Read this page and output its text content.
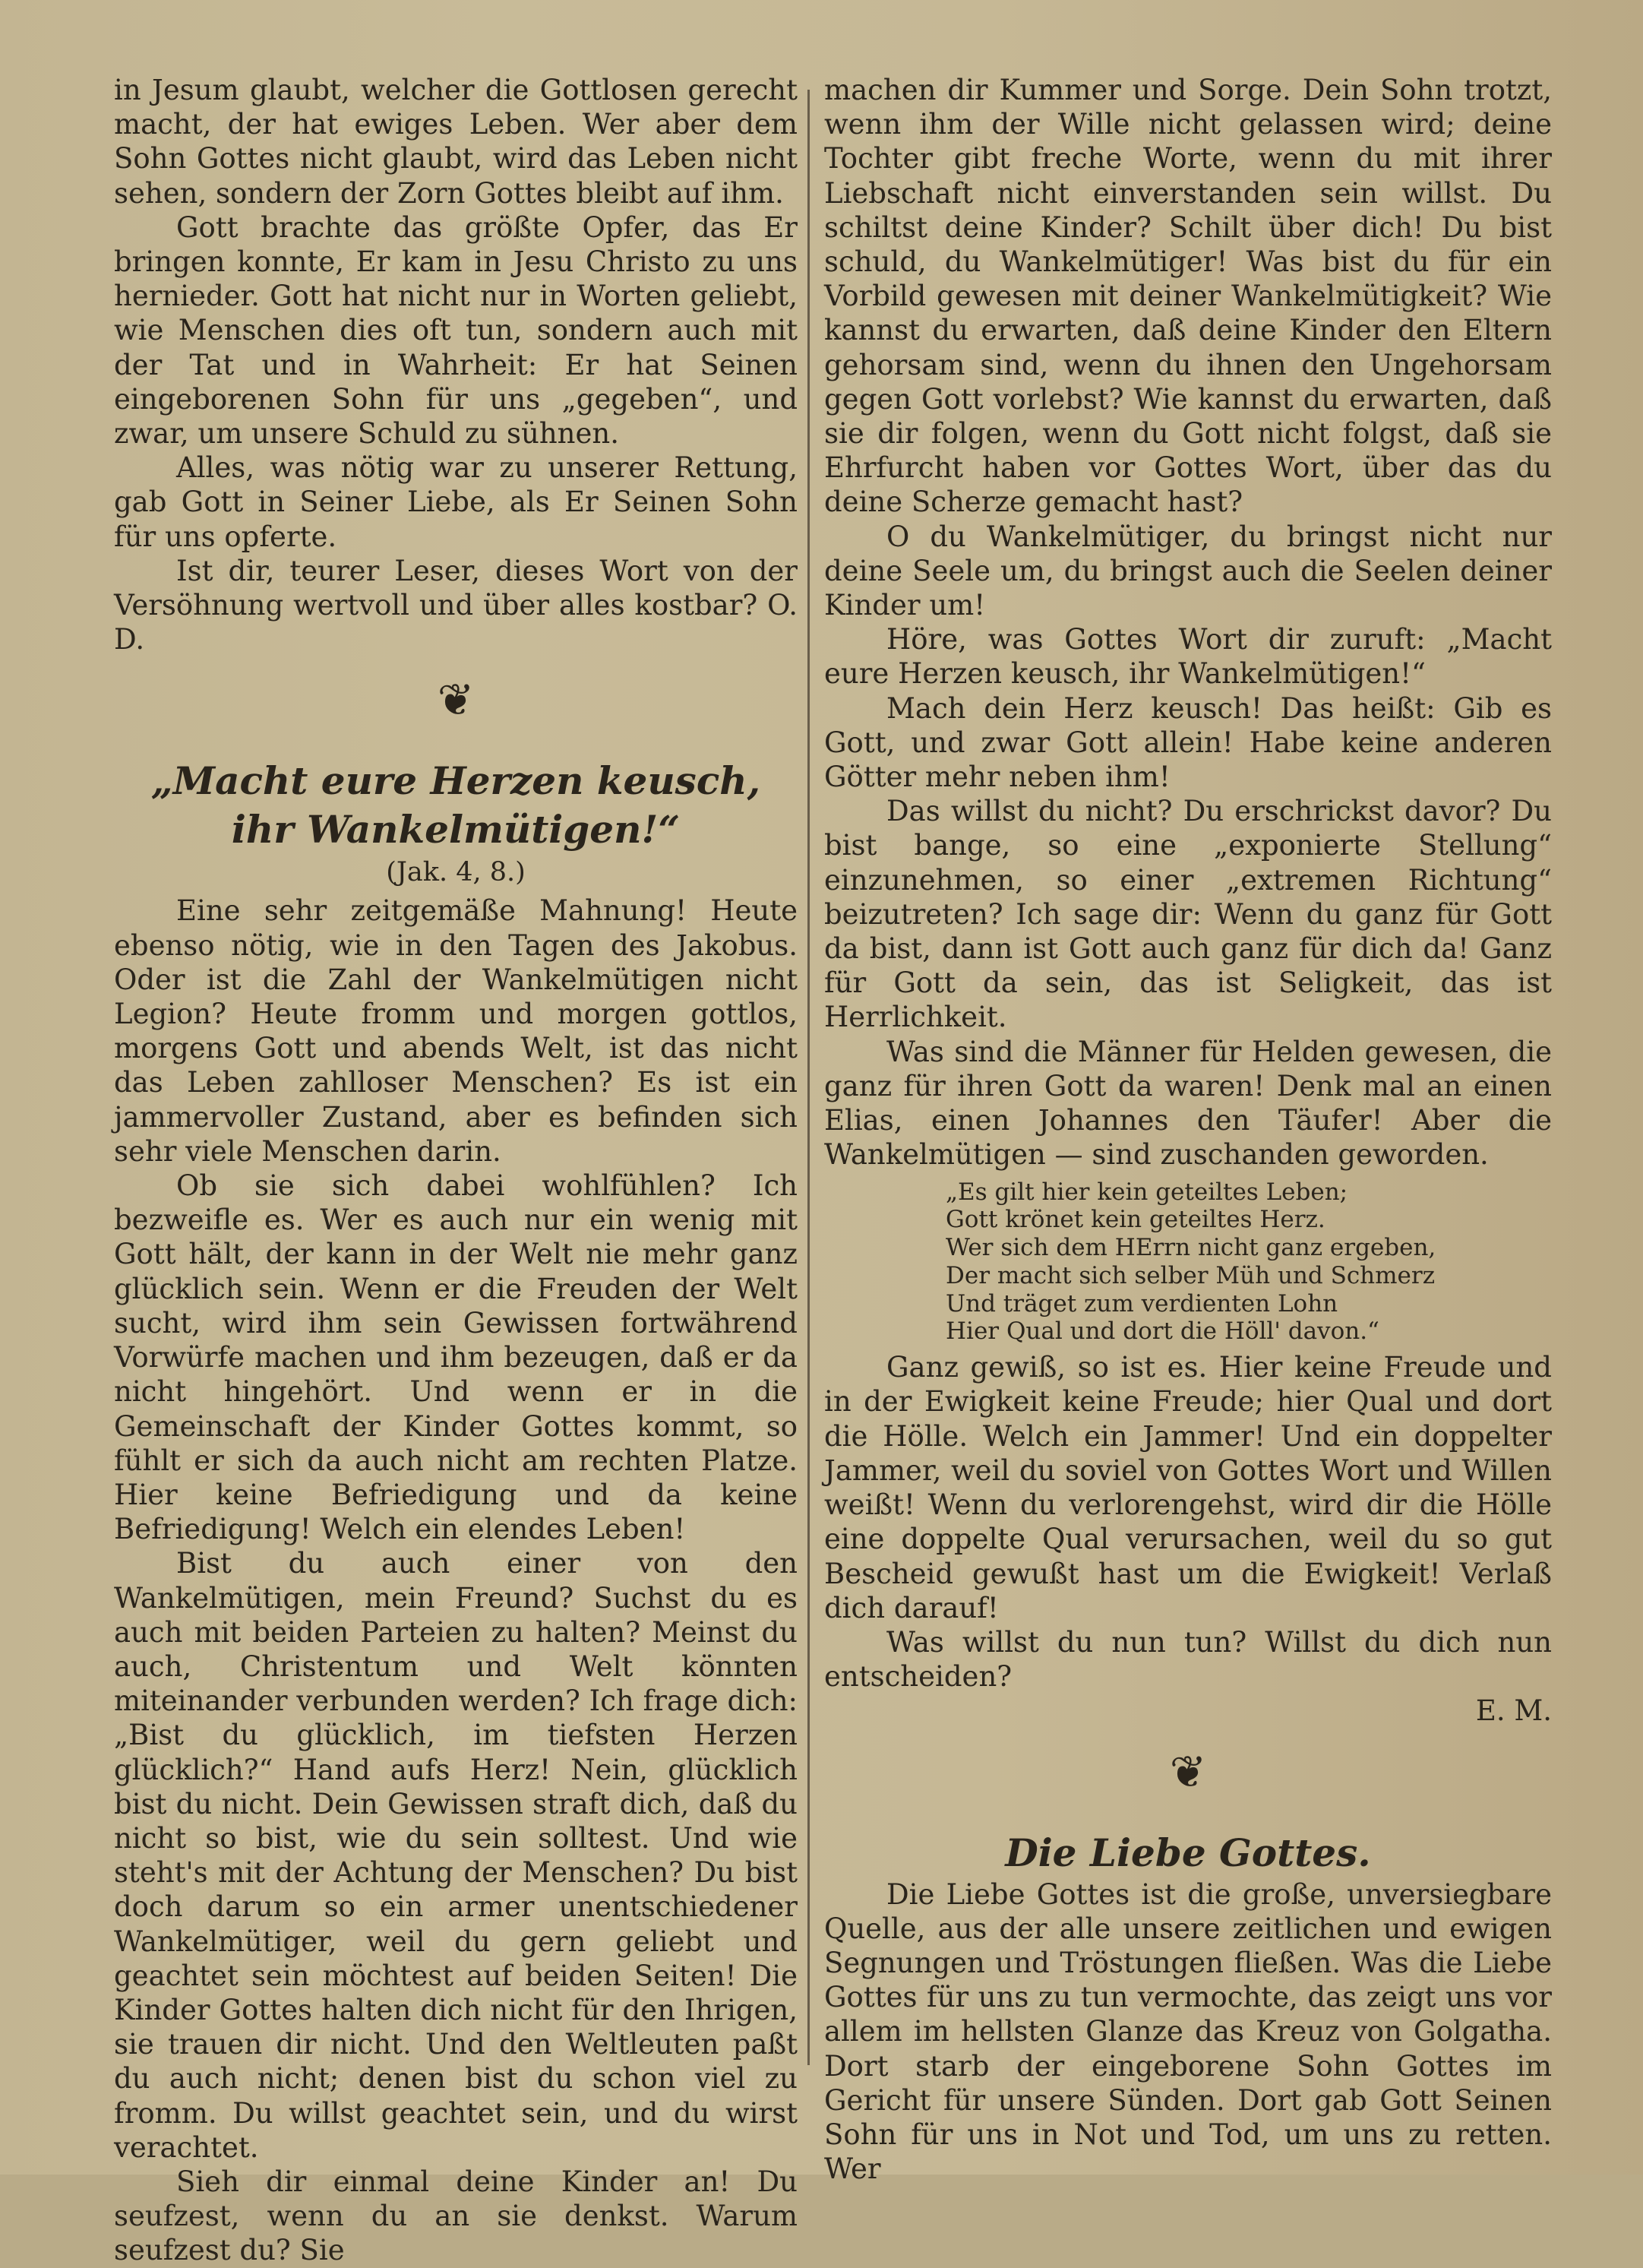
in Jesum glaubt, welcher die Gottlosen gerecht macht, der hat ewiges Leben. Wer aber dem Sohn Gottes nicht glaubt, wird das Leben nicht sehen, sondern der Zorn Gottes bleibt auf ihm.

Gott brachte das größte Opfer, das Er bringen konnte, Er kam in Jesu Christo zu uns hernieder. Gott hat nicht nur in Worten geliebt, wie Menschen dies oft tun, sondern auch mit der Tat und in Wahrheit: Er hat Seinen eingeborenen Sohn für uns „gegeben“, und zwar, um unsere Schuld zu sühnen.

Alles, was nötig war zu unserer Rettung, gab Gott in Seiner Liebe, als Er Seinen Sohn für uns opferte.

Ist dir, teurer Leser, dieses Wort von der Versöhnung wertvoll und über alles kostbar? O. D.

❦
„Macht eure Herzen keusch, ihr Wankelmütigen!“
(Jak. 4, 8.)

Eine sehr zeitgemäße Mahnung! Heute ebenso nötig, wie in den Tagen des Jakobus. Oder ist die Zahl der Wankelmütigen nicht Legion? Heute fromm und morgen gottlos, morgens Gott und abends Welt, ist das nicht das Leben zahlloser Menschen? Es ist ein jammervoller Zustand, aber es befinden sich sehr viele Menschen darin.

Ob sie sich dabei wohlfühlen? Ich bezweifle es. Wer es auch nur ein wenig mit Gott hält, der kann in der Welt nie mehr ganz glücklich sein. Wenn er die Freuden der Welt sucht, wird ihm sein Gewissen fortwährend Vorwürfe machen und ihm bezeugen, daß er da nicht hingehört. Und wenn er in die Gemeinschaft der Kinder Gottes kommt, so fühlt er sich da auch nicht am rechten Platze. Hier keine Befriedigung und da keine Befriedigung! Welch ein elendes Leben!

Bist du auch einer von den Wankelmütigen, mein Freund? Suchst du es auch mit beiden Parteien zu halten? Meinst du auch, Christentum und Welt könnten miteinander verbunden werden? Ich frage dich: „Bist du glücklich, im tiefsten Herzen glücklich?“ Hand aufs Herz! Nein, glücklich bist du nicht. Dein Gewissen straft dich, daß du nicht so bist, wie du sein solltest. Und wie steht's mit der Achtung der Menschen? Du bist doch darum so ein armer unentschiedener Wankelmütiger, weil du gern geliebt und geachtet sein möchtest auf beiden Seiten! Die Kinder Gottes halten dich nicht für den Ihrigen, sie trauen dir nicht. Und den Weltleuten paßt du auch nicht; denen bist du schon viel zu fromm. Du willst geachtet sein, und du wirst verachtet.

Sieh dir einmal deine Kinder an! Du seufzest, wenn du an sie denkst. Warum seufzest du? Sie

machen dir Kummer und Sorge. Dein Sohn trotzt, wenn ihm der Wille nicht gelassen wird; deine Tochter gibt freche Worte, wenn du mit ihrer Liebschaft nicht einverstanden sein willst. Du schiltst deine Kinder? Schilt über dich! Du bist schuld, du Wankelmütiger! Was bist du für ein Vorbild gewesen mit deiner Wankelmütigkeit? Wie kannst du erwarten, daß deine Kinder den Eltern gehorsam sind, wenn du ihnen den Ungehorsam gegen Gott vorlebst? Wie kannst du erwarten, daß sie dir folgen, wenn du Gott nicht folgst, daß sie Ehrfurcht haben vor Gottes Wort, über das du deine Scherze gemacht hast?

O du Wankelmütiger, du bringst nicht nur deine Seele um, du bringst auch die Seelen deiner Kinder um!

Höre, was Gottes Wort dir zuruft: „Macht eure Herzen keusch, ihr Wankelmütigen!“

Mach dein Herz keusch! Das heißt: Gib es Gott, und zwar Gott allein! Habe keine anderen Götter mehr neben ihm!

Das willst du nicht? Du erschrickst davor? Du bist bange, so eine „exponierte Stellung“ einzunehmen, so einer „extremen Richtung“ beizutreten? Ich sage dir: Wenn du ganz für Gott da bist, dann ist Gott auch ganz für dich da! Ganz für Gott da sein, das ist Seligkeit, das ist Herrlichkeit.

Was sind die Männer für Helden gewesen, die ganz für ihren Gott da waren! Denk mal an einen Elias, einen Johannes den Täufer! Aber die Wankelmütigen — sind zuschanden geworden.

„Es gilt hier kein geteiltes Leben;
Gott krönet kein geteiltes Herz.
Wer sich dem HErrn nicht ganz ergeben,
Der macht sich selber Müh und Schmerz
Und träget zum verdienten Lohn
Hier Qual und dort die Höll' davon.“

Ganz gewiß, so ist es. Hier keine Freude und in der Ewigkeit keine Freude; hier Qual und dort die Hölle. Welch ein Jammer! Und ein doppelter Jammer, weil du soviel von Gottes Wort und Willen weißt! Wenn du verlorengehst, wird dir die Hölle eine doppelte Qual verursachen, weil du so gut Bescheid gewußt hast um die Ewigkeit! Verlaß dich darauf!

Was willst du nun tun? Willst du dich nun entscheiden?

E. M.

❦
Die Liebe Gottes.

Die Liebe Gottes ist die große, unversiegbare Quelle, aus der alle unsere zeitlichen und ewigen Segnungen und Tröstungen fließen. Was die Liebe Gottes für uns zu tun vermochte, das zeigt uns vor allem im hellsten Glanze das Kreuz von Golgatha. Dort starb der eingeborene Sohn Gottes im Gericht für unsere Sünden. Dort gab Gott Seinen Sohn für uns in Not und Tod, um uns zu retten. Wer
